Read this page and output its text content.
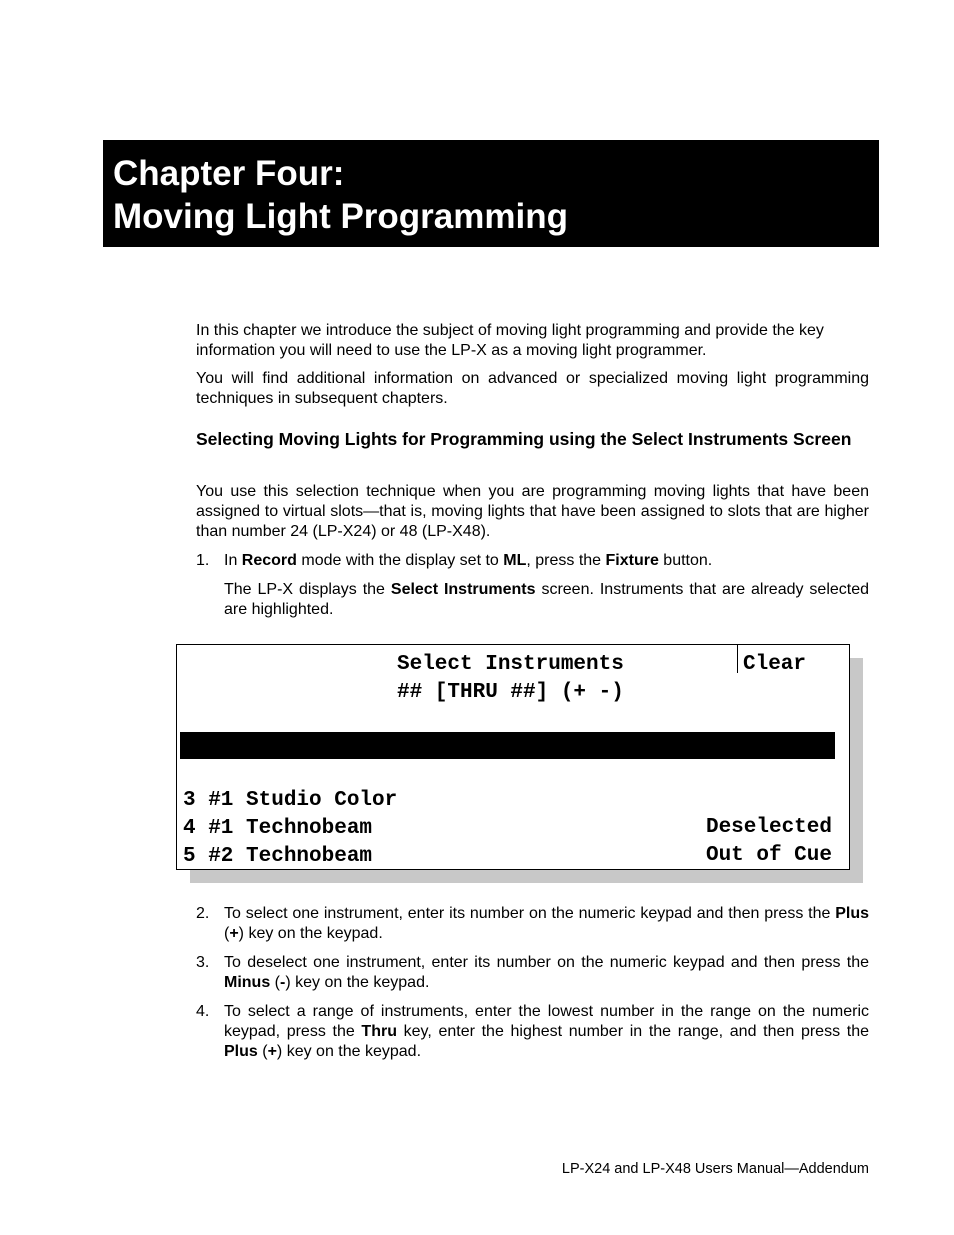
Chapter Four:
Moving Light Programming

In this chapter we introduce the subject of moving light programming and provide the key information you will need to use the LP-X as a moving light programmer.

You will find additional information on advanced or specialized moving light programming techniques in subsequent chapters.

Selecting Moving Lights for Programming using the Select Instruments Screen

You use this selection technique when you are programming moving lights that have been assigned to virtual slots—that is, moving lights that have been assigned to slots that are higher than number 24 (LP-X24) or 48 (LP-X48).

1. In Record mode with the display set to ML, press the Fixture button.

The LP-X displays the Select Instruments screen. Instruments that are already selected are highlighted.

Select Instruments
## [THRU ##] (+ -)
Clear

2 #1 Studio Spot

Selected

3 #1 Studio Color

Deselected

4 #1 Technobeam

Out of Cue

5 #2 Technobeam

2. To select one instrument, enter its number on the numeric keypad and then press the Plus (+) key on the keypad.

3. To deselect one instrument, enter its number on the numeric keypad and then press the Minus (-) key on the keypad.

4. To select a range of instruments, enter the lowest number in the range on the numeric keypad, press the Thru key, enter the highest number in the range, and then press the Plus (+) key on the keypad.

LP-X24 and LP-X48 Users Manual—Addendum
